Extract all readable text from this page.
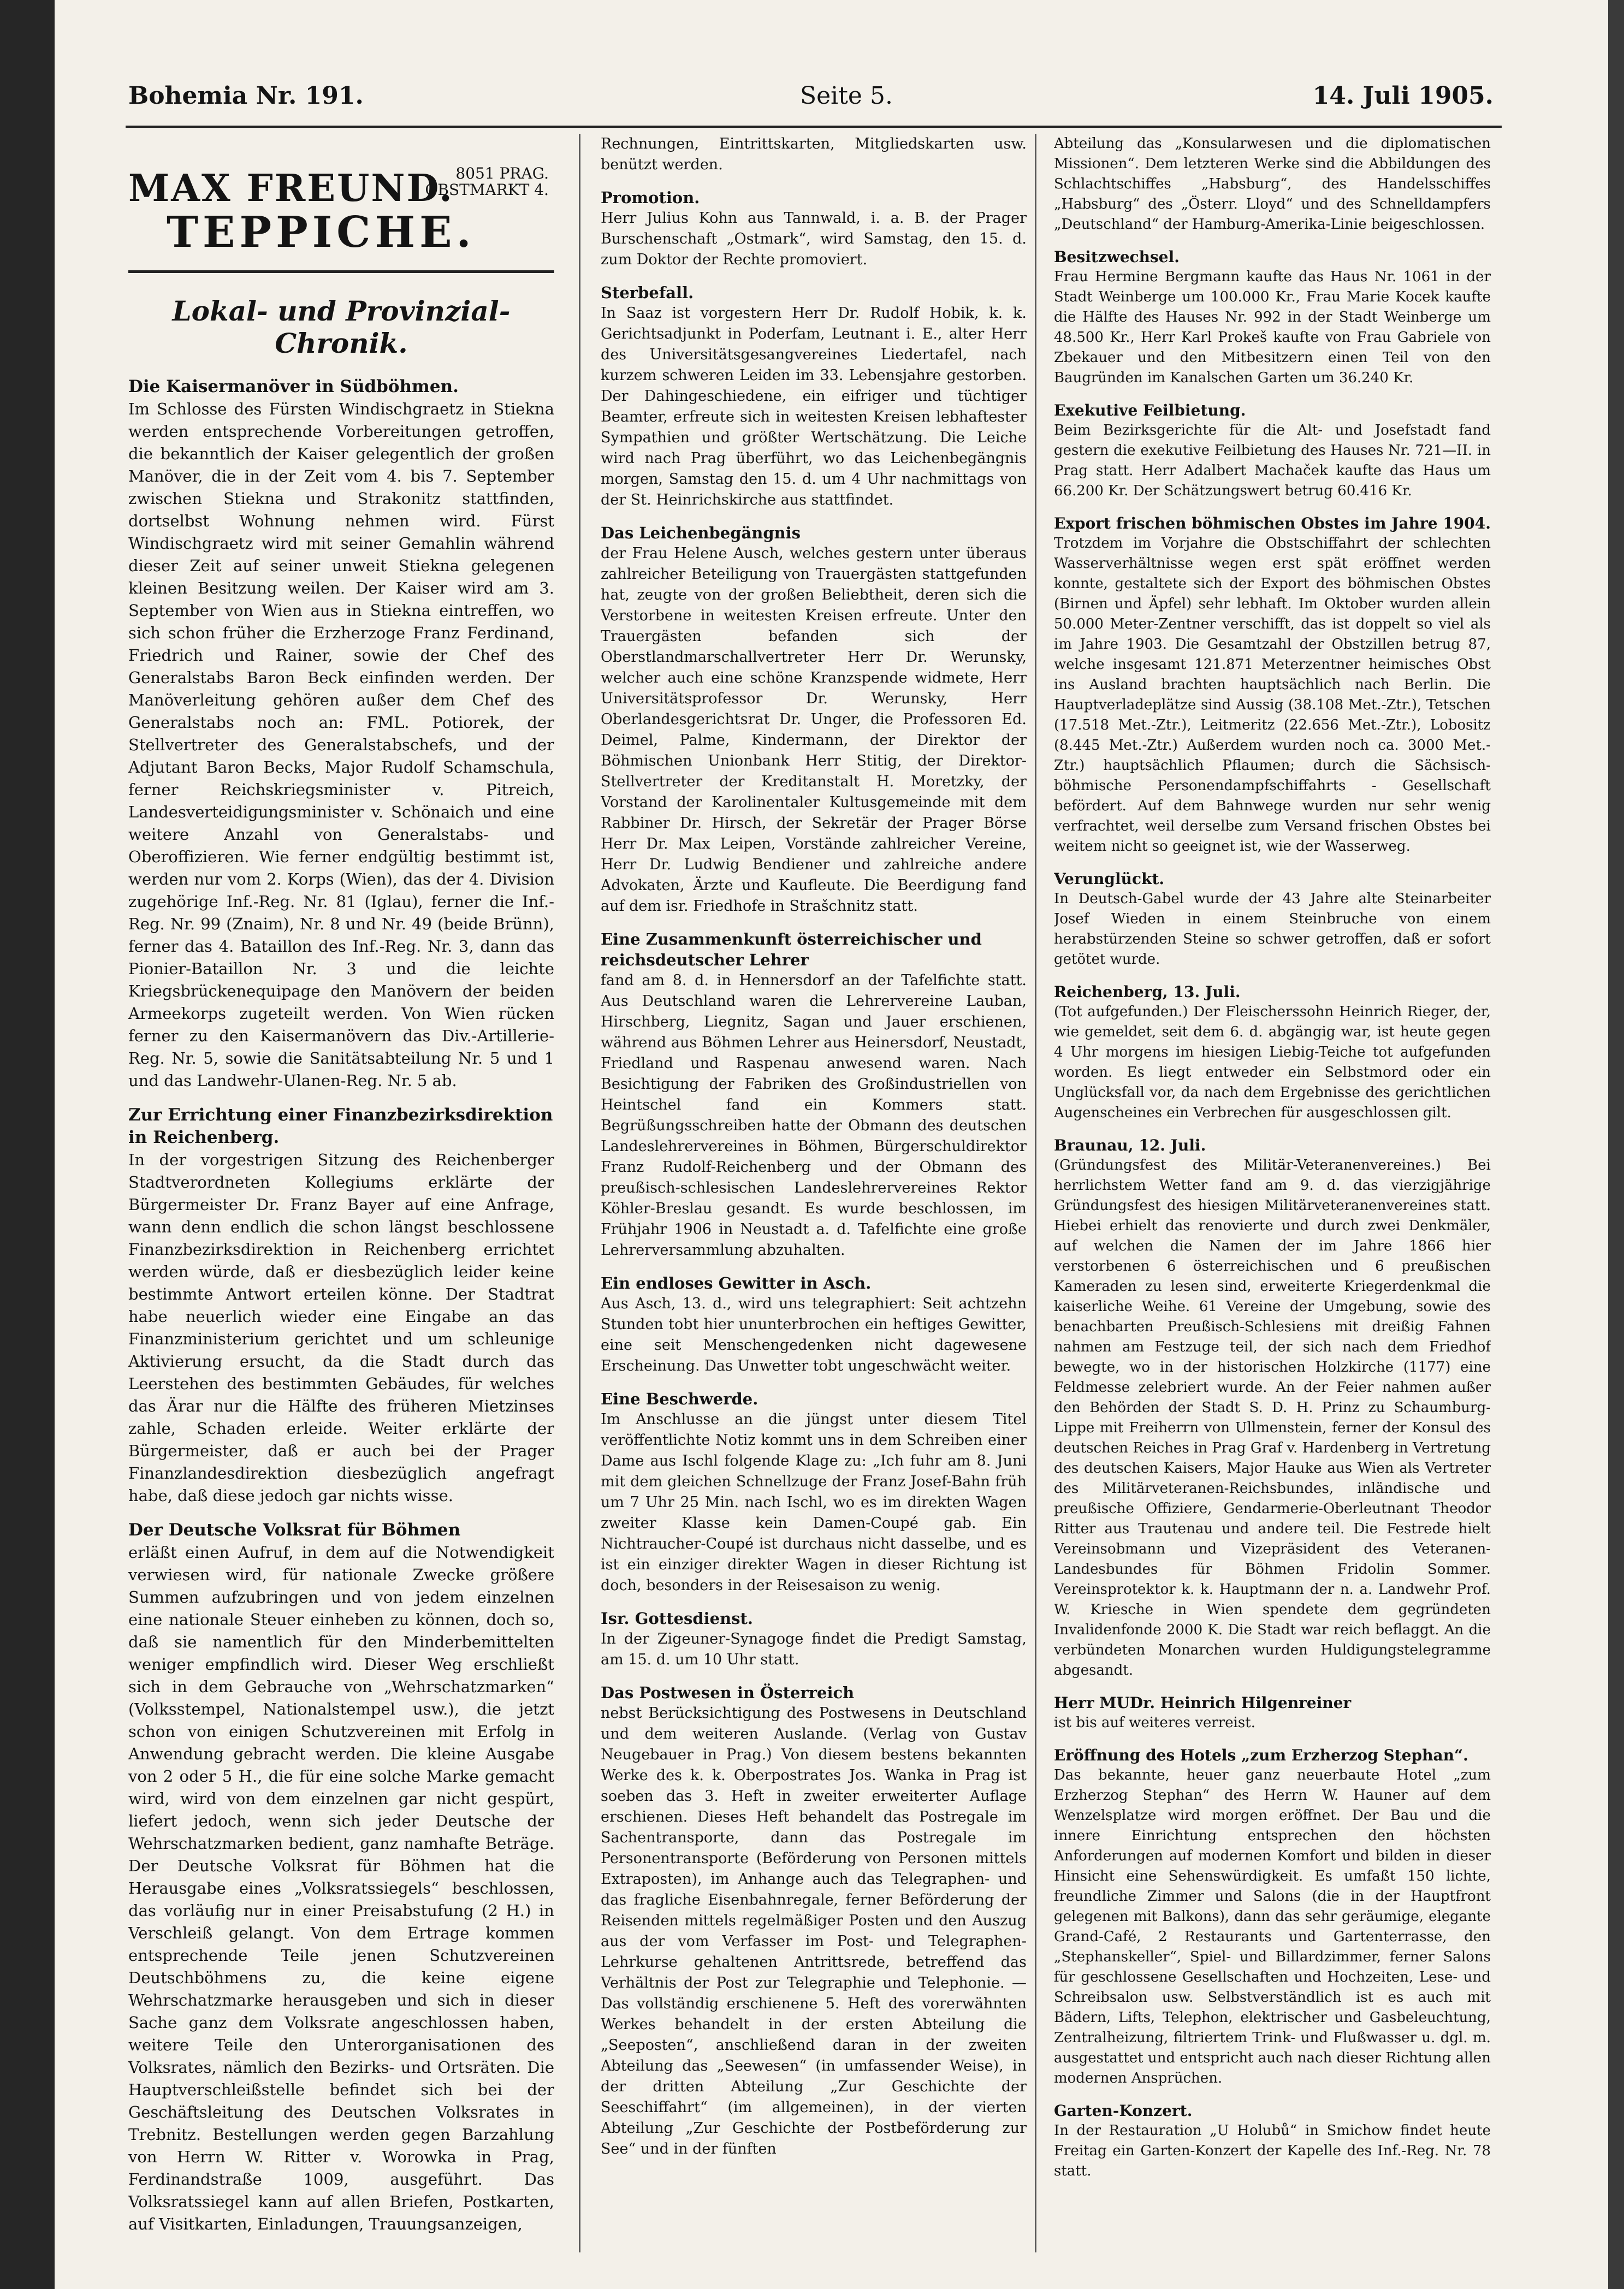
Bohemia Nr. 191.	Seite 5.	14. Juli 1905.
MAX FREUND. 8051 PRAG.
OBSTMARKT 4.
TEPPICHE.
Lokal- und Provinzial-Chronik.
Die Kaisermanöver in Südböhmen.

Im Schlosse des Fürsten Windischgraetz in Stiekna werden entsprechende Vorbereitungen getroffen, die bekanntlich der Kaiser gelegentlich der großen Manöver, die in der Zeit vom 4. bis 7. September zwischen Stiekna und Strakonitz stattfinden, dortselbst Wohnung nehmen wird. Fürst Windischgraetz wird mit seiner Gemahlin während dieser Zeit auf seiner unweit Stiekna gelegenen kleinen Besitzung weilen. Der Kaiser wird am 3. September von Wien aus in Stiekna eintreffen, wo sich schon früher die Erzherzoge Franz Ferdinand, Friedrich und Rainer, sowie der Chef des Generalstabs Baron Beck einfinden werden. Der Manöverleitung gehören außer dem Chef des Generalstabs noch an: FML. Potiorek, der Stellvertreter des Generalstabschefs, und der Adjutant Baron Becks, Major Rudolf Schamschula, ferner Reichskriegsminister v. Pitreich, Landesverteidigungsminister v. Schönaich und eine weitere Anzahl von Generalstabs- und Oberoffizieren. Wie ferner endgültig bestimmt ist, werden nur vom 2. Korps (Wien), das der 4. Division zugehörige Inf.-Reg. Nr. 81 (Iglau), ferner die Inf.-Reg. Nr. 99 (Znaim), Nr. 8 und Nr. 49 (beide Brünn), ferner das 4. Bataillon des Inf.-Reg. Nr. 3, dann das Pionier-Bataillon Nr. 3 und die leichte Kriegsbrückenequipage den Manövern der beiden Armeekorps zugeteilt werden. Von Wien rücken ferner zu den Kaisermanövern das Div.-Artillerie-Reg. Nr. 5, sowie die Sanitätsabteilung Nr. 5 und 1 und das Landwehr-Ulanen-Reg. Nr. 5 ab.

Zur Errichtung einer Finanzbezirksdirektion in Reichenberg.

In der vorgestrigen Sitzung des Reichenberger Stadtverordneten Kollegiums erklärte der Bürgermeister Dr. Franz Bayer auf eine Anfrage, wann denn endlich die schon längst beschlossene Finanzbezirksdirektion in Reichenberg errichtet werden würde, daß er diesbezüglich leider keine bestimmte Antwort erteilen könne. Der Stadtrat habe neuerlich wieder eine Eingabe an das Finanzministerium gerichtet und um schleunige Aktivierung ersucht, da die Stadt durch das Leerstehen des bestimmten Gebäudes, für welches das Ärar nur die Hälfte des früheren Mietzinses zahle, Schaden erleide. Weiter erklärte der Bürgermeister, daß er auch bei der Prager Finanzlandesdirektion diesbezüglich angefragt habe, daß diese jedoch gar nichts wisse.

Der Deutsche Volksrat für Böhmen

erläßt einen Aufruf, in dem auf die Notwendigkeit verwiesen wird, für nationale Zwecke größere Summen aufzubringen und von jedem einzelnen eine nationale Steuer einheben zu können, doch so, daß sie namentlich für den Minderbemittelten weniger empfindlich wird. Dieser Weg erschließt sich in dem Gebrauche von „Wehrschatzmarken“ (Volksstempel, Nationalstempel usw.), die jetzt schon von einigen Schutzvereinen mit Erfolg in Anwendung gebracht werden. Die kleine Ausgabe von 2 oder 5 H., die für eine solche Marke gemacht wird, wird von dem einzelnen gar nicht gespürt, liefert jedoch, wenn sich jeder Deutsche der Wehrschatzmarken bedient, ganz namhafte Beträge. Der Deutsche Volksrat für Böhmen hat die Herausgabe eines „Volksratssiegels“ beschlossen, das vorläufig nur in einer Preisabstufung (2 H.) in Verschleiß gelangt. Von dem Ertrage kommen entsprechende Teile jenen Schutzvereinen Deutschböhmens zu, die keine eigene Wehrschatzmarke herausgeben und sich in dieser Sache ganz dem Volksrate angeschlossen haben, weitere Teile den Unterorganisationen des Volksrates, nämlich den Bezirks- und Ortsräten. Die Hauptverschleißstelle befindet sich bei der Geschäftsleitung des Deutschen Volksrates in Trebnitz. Bestellungen werden gegen Barzahlung von Herrn W. Ritter v. Worowka in Prag, Ferdinandstraße 1009, ausgeführt. Das Volksratssiegel kann auf allen Briefen, Postkarten, auf Visitkarten, Einladungen, Trauungsanzeigen,

Rechnungen, Eintrittskarten, Mitgliedskarten usw. benützt werden.

Promotion.

Herr Julius Kohn aus Tannwald, i. a. B. der Prager Burschenschaft „Ostmark“, wird Samstag, den 15. d. zum Doktor der Rechte promoviert.

Sterbefall.

In Saaz ist vorgestern Herr Dr. Rudolf Hobik, k. k. Gerichtsadjunkt in Poderfam, Leutnant i. E., alter Herr des Universitätsgesangvereines Liedertafel, nach kurzem schweren Leiden im 33. Lebensjahre gestorben. Der Dahingeschiedene, ein eifriger und tüchtiger Beamter, erfreute sich in weitesten Kreisen lebhaftester Sympathien und größter Wertschätzung. Die Leiche wird nach Prag überführt, wo das Leichenbegängnis morgen, Samstag den 15. d. um 4 Uhr nachmittags von der St. Heinrichskirche aus stattfindet.

Das Leichenbegängnis

der Frau Helene Ausch, welches gestern unter überaus zahlreicher Beteiligung von Trauergästen stattgefunden hat, zeugte von der großen Beliebtheit, deren sich die Verstorbene in weitesten Kreisen erfreute. Unter den Trauergästen befanden sich der Oberstlandmarschallvertreter Herr Dr. Werunsky, welcher auch eine schöne Kranzspende widmete, Herr Universitätsprofessor Dr. Werunsky, Herr Oberlandesgerichtsrat Dr. Unger, die Professoren Ed. Deimel, Palme, Kindermann, der Direktor der Böhmischen Unionbank Herr Stitig, der Direktor-Stellvertreter der Kreditanstalt H. Moretzky, der Vorstand der Karolinentaler Kultusgemeinde mit dem Rabbiner Dr. Hirsch, der Sekretär der Prager Börse Herr Dr. Max Leipen, Vorstände zahlreicher Vereine, Herr Dr. Ludwig Bendiener und zahlreiche andere Advokaten, Ärzte und Kaufleute. Die Beerdigung fand auf dem isr. Friedhofe in Strašchnitz statt.

Eine Zusammenkunft österreichischer und reichsdeutscher Lehrer

fand am 8. d. in Hennersdorf an der Tafelfichte statt. Aus Deutschland waren die Lehrervereine Lauban, Hirschberg, Liegnitz, Sagan und Jauer erschienen, während aus Böhmen Lehrer aus Heinersdorf, Neustadt, Friedland und Raspenau anwesend waren. Nach Besichtigung der Fabriken des Großindustriellen von Heintschel fand ein Kommers statt. Begrüßungsschreiben hatte der Obmann des deutschen Landeslehrervereines in Böhmen, Bürgerschuldirektor Franz Rudolf-Reichenberg und der Obmann des preußisch-schlesischen Landeslehrervereines Rektor Köhler-Breslau gesandt. Es wurde beschlossen, im Frühjahr 1906 in Neustadt a. d. Tafelfichte eine große Lehrerversammlung abzuhalten.

Ein endloses Gewitter in Asch.

Aus Asch, 13. d., wird uns telegraphiert: Seit achtzehn Stunden tobt hier ununterbrochen ein heftiges Gewitter, eine seit Menschengedenken nicht dagewesene Erscheinung. Das Unwetter tobt ungeschwächt weiter.

Eine Beschwerde.

Im Anschlusse an die jüngst unter diesem Titel veröffentlichte Notiz kommt uns in dem Schreiben einer Dame aus Ischl folgende Klage zu: „Ich fuhr am 8. Juni mit dem gleichen Schnellzuge der Franz Josef-Bahn früh um 7 Uhr 25 Min. nach Ischl, wo es im direkten Wagen zweiter Klasse kein Damen-Coupé gab. Ein Nichtraucher-Coupé ist durchaus nicht dasselbe, und es ist ein einziger direkter Wagen in dieser Richtung ist doch, besonders in der Reisesaison zu wenig.

Isr. Gottesdienst.

In der Zigeuner-Synagoge findet die Predigt Samstag, am 15. d. um 10 Uhr statt.

Das Postwesen in Österreich

nebst Berücksichtigung des Postwesens in Deutschland und dem weiteren Auslande. (Verlag von Gustav Neugebauer in Prag.) Von diesem bestens bekannten Werke des k. k. Oberpostrates Jos. Wanka in Prag ist soeben das 3. Heft in zweiter erweiterter Auflage erschienen. Dieses Heft behandelt das Postregale im Sachentransporte, dann das Postregale im Personentransporte (Beförderung von Personen mittels Extraposten), im Anhange auch das Telegraphen- und das fragliche Eisenbahnregale, ferner Beförderung der Reisenden mittels regelmäßiger Posten und den Auszug aus der vom Verfasser im Post- und Telegraphen-Lehrkurse gehaltenen Antrittsrede, betreffend das Verhältnis der Post zur Telegraphie und Telephonie. — Das vollständig erschienene 5. Heft des vorerwähnten Werkes behandelt in der ersten Abteilung die „Seeposten“, anschließend daran in der zweiten Abteilung das „Seewesen“ (in umfassender Weise), in der dritten Abteilung „Zur Geschichte der Seeschiffahrt“ (im allgemeinen), in der vierten Abteilung „Zur Geschichte der Postbeförderung zur See“ und in der fünften

Abteilung das „Konsularwesen und die diplomatischen Missionen“. Dem letzteren Werke sind die Abbildungen des Schlachtschiffes „Habsburg“, des Handelsschiffes „Habsburg“ des „Österr. Lloyd“ und des Schnelldampfers „Deutschland“ der Hamburg-Amerika-Linie beigeschlossen.

Besitzwechsel.

Frau Hermine Bergmann kaufte das Haus Nr. 1061 in der Stadt Weinberge um 100.000 Kr., Frau Marie Kocek kaufte die Hälfte des Hauses Nr. 992 in der Stadt Weinberge um 48.500 Kr., Herr Karl Prokeš kaufte von Frau Gabriele von Zbekauer und den Mitbesitzern einen Teil von den Baugründen im Kanalschen Garten um 36.240 Kr.

Exekutive Feilbietung.

Beim Bezirksgerichte für die Alt- und Josefstadt fand gestern die exekutive Feilbietung des Hauses Nr. 721—II. in Prag statt. Herr Adalbert Machaček kaufte das Haus um 66.200 Kr. Der Schätzungswert betrug 60.416 Kr.

Export frischen böhmischen Obstes im Jahre 1904.

Trotzdem im Vorjahre die Obstschiffahrt der schlechten Wasserverhältnisse wegen erst spät eröffnet werden konnte, gestaltete sich der Export des böhmischen Obstes (Birnen und Äpfel) sehr lebhaft. Im Oktober wurden allein 50.000 Meter-Zentner verschifft, das ist doppelt so viel als im Jahre 1903. Die Gesamtzahl der Obstzillen betrug 87, welche insgesamt 121.871 Meterzentner heimisches Obst ins Ausland brachten hauptsächlich nach Berlin. Die Hauptverladeplätze sind Aussig (38.108 Met.-Ztr.), Tetschen (17.518 Met.-Ztr.), Leitmeritz (22.656 Met.-Ztr.), Lobositz (8.445 Met.-Ztr.) Außerdem wurden noch ca. 3000 Met.-Ztr.) hauptsächlich Pflaumen; durch die Sächsisch-böhmische Personendampfschiffahrts - Gesellschaft befördert. Auf dem Bahnwege wurden nur sehr wenig verfrachtet, weil derselbe zum Versand frischen Obstes bei weitem nicht so geeignet ist, wie der Wasserweg.

Verunglückt.

In Deutsch-Gabel wurde der 43 Jahre alte Steinarbeiter Josef Wieden in einem Steinbruche von einem herabstürzenden Steine so schwer getroffen, daß er sofort getötet wurde.

Reichenberg, 13. Juli.

(Tot aufgefunden.) Der Fleischerssohn Heinrich Rieger, der, wie gemeldet, seit dem 6. d. abgängig war, ist heute gegen 4 Uhr morgens im hiesigen Liebig-Teiche tot aufgefunden worden. Es liegt entweder ein Selbstmord oder ein Unglücksfall vor, da nach dem Ergebnisse des gerichtlichen Augenscheines ein Verbrechen für ausgeschlossen gilt.

Braunau, 12. Juli.

(Gründungsfest des Militär-Veteranenvereines.) Bei herrlichstem Wetter fand am 9. d. das vierzigjährige Gründungsfest des hiesigen Militärveteranenvereines statt. Hiebei erhielt das renovierte und durch zwei Denkmäler, auf welchen die Namen der im Jahre 1866 hier verstorbenen 6 österreichischen und 6 preußischen Kameraden zu lesen sind, erweiterte Kriegerdenkmal die kaiserliche Weihe. 61 Vereine der Umgebung, sowie des benachbarten Preußisch-Schlesiens mit dreißig Fahnen nahmen am Festzuge teil, der sich nach dem Friedhof bewegte, wo in der historischen Holzkirche (1177) eine Feldmesse zelebriert wurde. An der Feier nahmen außer den Behörden der Stadt S. D. H. Prinz zu Schaumburg-Lippe mit Freiherrn von Ullmenstein, ferner der Konsul des deutschen Reiches in Prag Graf v. Hardenberg in Vertretung des deutschen Kaisers, Major Hauke aus Wien als Vertreter des Militärveteranen-Reichsbundes, inländische und preußische Offiziere, Gendarmerie-Oberleutnant Theodor Ritter aus Trautenau und andere teil. Die Festrede hielt Vereinsobmann und Vizepräsident des Veteranen-Landesbundes für Böhmen Fridolin Sommer. Vereinsprotektor k. k. Hauptmann der n. a. Landwehr Prof. W. Kriesche in Wien spendete dem gegründeten Invalidenfonde 2000 K. Die Stadt war reich beflaggt. An die verbündeten Monarchen wurden Huldigungstelegramme abgesandt.

Herr MUDr. Heinrich Hilgenreiner

ist bis auf weiteres verreist.

Eröffnung des Hotels „zum Erzherzog Stephan“.

Das bekannte, heuer ganz neuerbaute Hotel „zum Erzherzog Stephan“ des Herrn W. Hauner auf dem Wenzelsplatze wird morgen eröffnet. Der Bau und die innere Einrichtung entsprechen den höchsten Anforderungen auf modernen Komfort und bilden in dieser Hinsicht eine Sehenswürdigkeit. Es umfaßt 150 lichte, freundliche Zimmer und Salons (die in der Hauptfront gelegenen mit Balkons), dann das sehr geräumige, elegante Grand-Café, 2 Restaurants und Gartenterrasse, den „Stephanskeller“, Spiel- und Billardzimmer, ferner Salons für geschlossene Gesellschaften und Hochzeiten, Lese- und Schreibsalon usw. Selbstverständlich ist es auch mit Bädern, Lifts, Telephon, elektrischer und Gasbeleuchtung, Zentralheizung, filtriertem Trink- und Flußwasser u. dgl. m. ausgestattet und entspricht auch nach dieser Richtung allen modernen Ansprüchen.

Garten-Konzert.

In der Restauration „U Holubů“ in Smichow findet heute Freitag ein Garten-Konzert der Kapelle des Inf.-Reg. Nr. 78 statt.
